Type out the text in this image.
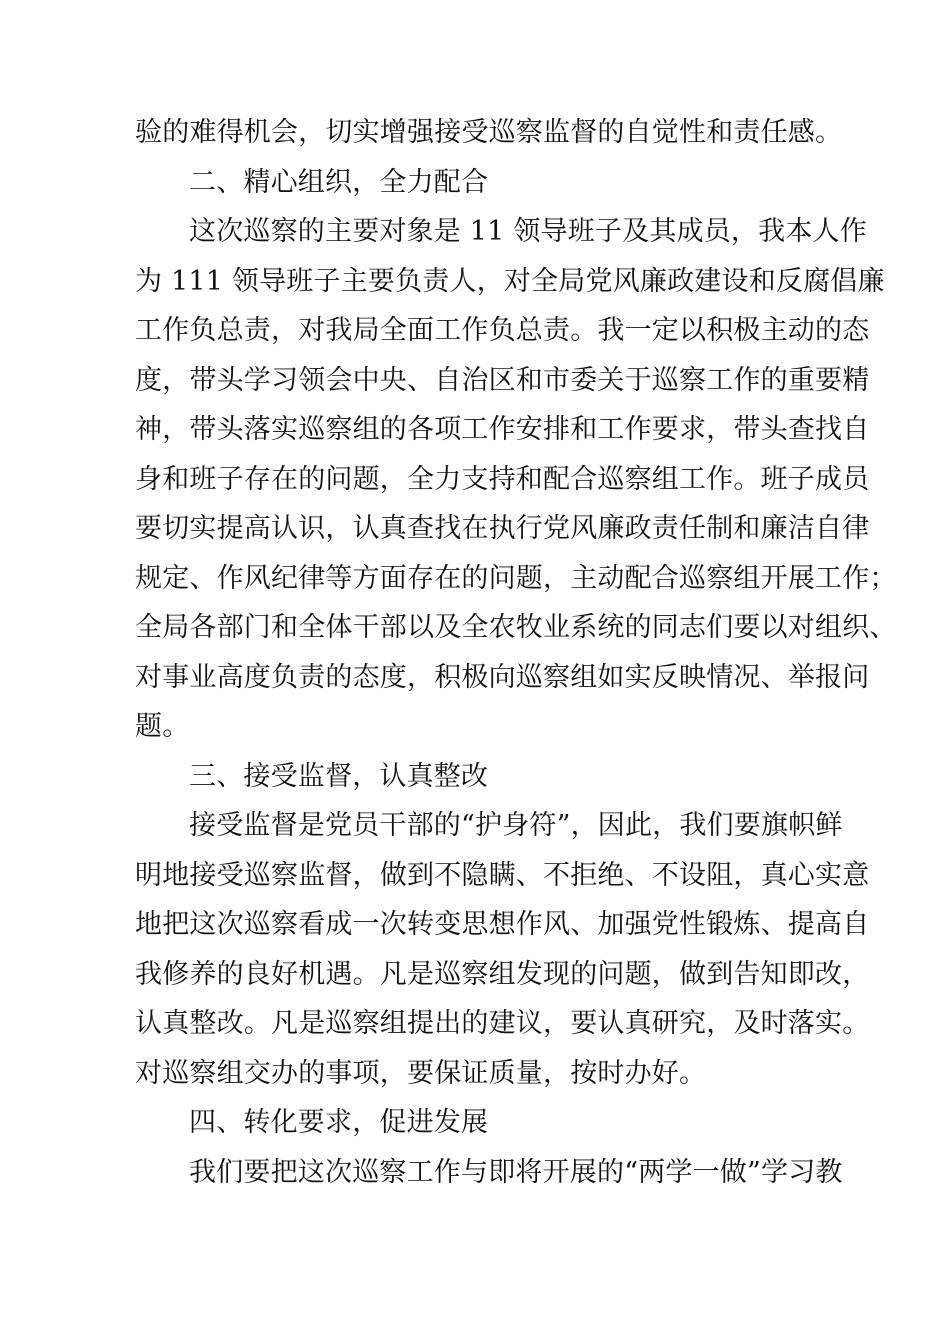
验的难得机会，切实增强接受巡察监督的自觉性和责任感。
二、精心组织，全力配合
这次巡察的主要对象是 11 领导班子及其成员，我本人作
为 111 领导班子主要负责人，对全局党风廉政建设和反腐倡廉
工作负总责，对我局全面工作负总责。我一定以积极主动的态
度，带头学习领会中央、自治区和市委关于巡察工作的重要精
神，带头落实巡察组的各项工作安排和工作要求，带头查找自
身和班子存在的问题，全力支持和配合巡察组工作。班子成员
要切实提高认识，认真查找在执行党风廉政责任制和廉洁自律
规定、作风纪律等方面存在的问题，主动配合巡察组开展工作；
全局各部门和全体干部以及全农牧业系统的同志们要以对组织、
对事业高度负责的态度，积极向巡察组如实反映情况、举报问
题。
三、接受监督，认真整改
接受监督是党员干部的“护身符”，因此，我们要旗帜鲜
明地接受巡察监督，做到不隐瞒、不拒绝、不设阻，真心实意
地把这次巡察看成一次转变思想作风、加强党性锻炼、提高自
我修养的良好机遇。凡是巡察组发现的问题，做到告知即改，
认真整改。凡是巡察组提出的建议，要认真研究，及时落实。
对巡察组交办的事项，要保证质量，按时办好。
四、转化要求，促进发展
我们要把这次巡察工作与即将开展的“两学一做”学习教
